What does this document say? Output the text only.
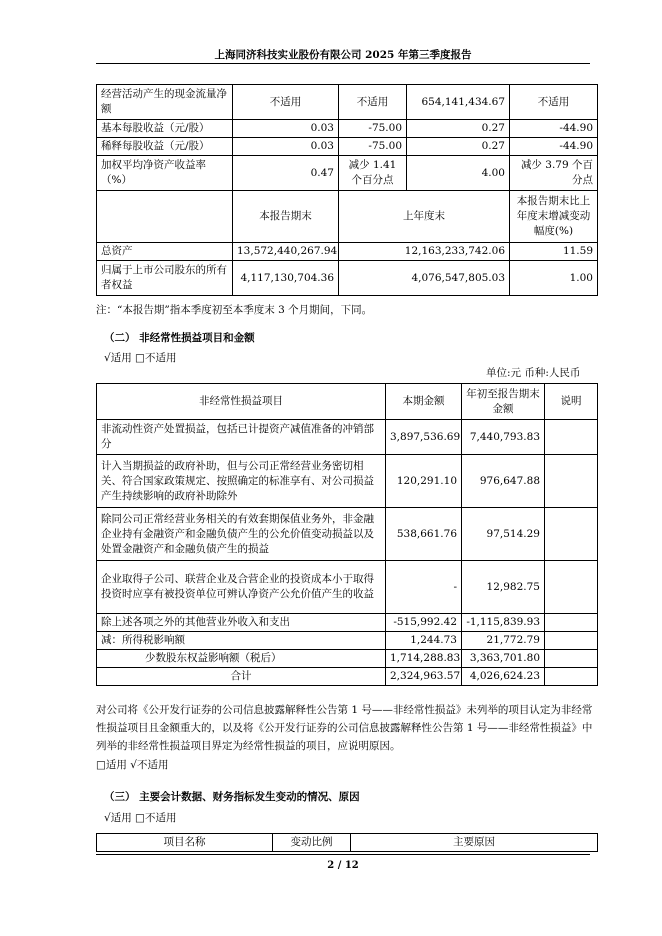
上海同济科技实业股份有限公司 2025 年第三季度报告
经营活动产生的现金流量净额	不适用	不适用	654,141,434.67	不适用
基本每股收益（元/股）	0.03	-75.00	0.27	-44.90
稀释每股收益（元/股）	0.03	-75.00	0.27	-44.90
加权平均净资产收益率（%）	0.47	减少 1.41 个百分点	4.00	减少 3.79 个百分点
	本报告期末	上年度末		本报告期末比上年度末增减变动幅度(%)
总资产	13,572,440,267.94	12,163,233,742.06		11.59
归属于上市公司股东的所有者权益	4,117,130,704.36	4,076,547,805.03		1.00
注：“本报告期”指本季度初至本季度末 3 个月期间，下同。
（二） 非经常性损益项目和金额
√适用 □不适用
单位:元 币种:人民币
非经常性损益项目	本期金额	年初至报告期末金额	说明
非流动性资产处置损益，包括已计提资产减值准备的冲销部分	3,897,536.69	7,440,793.83	
计入当期损益的政府补助，但与公司正常经营业务密切相关、符合国家政策规定、按照确定的标准享有、对公司损益产生持续影响的政府补助除外	120,291.10	976,647.88	
除同公司正常经营业务相关的有效套期保值业务外，非金融企业持有金融资产和金融负债产生的公允价值变动损益以及处置金融资产和金融负债产生的损益	538,661.76	97,514.29	
企业取得子公司、联营企业及合营企业的投资成本小于取得投资时应享有被投资单位可辨认净资产公允价值产生的收益	-	12,982.75	
除上述各项之外的其他营业外收入和支出	-515,992.42	-1,115,839.93	
减：所得税影响额	1,244.73	21,772.79	
少数股东权益影响额（税后）	1,714,288.83	3,363,701.80	
合计	2,324,963.57	4,026,624.23	
对公司将《公开发行证券的公司信息披露解释性公告第 1 号——非经常性损益》未列举的项目认定为非经常性损益项目且金额重大的，以及将《公开发行证券的公司信息披露解释性公告第 1 号——非经常性损益》中列举的非经常性损益项目界定为经常性损益的项目，应说明原因。
□适用 √不适用
（三） 主要会计数据、财务指标发生变动的情况、原因
√适用 □不适用
项目名称	变动比例	主要原因
2 / 12
